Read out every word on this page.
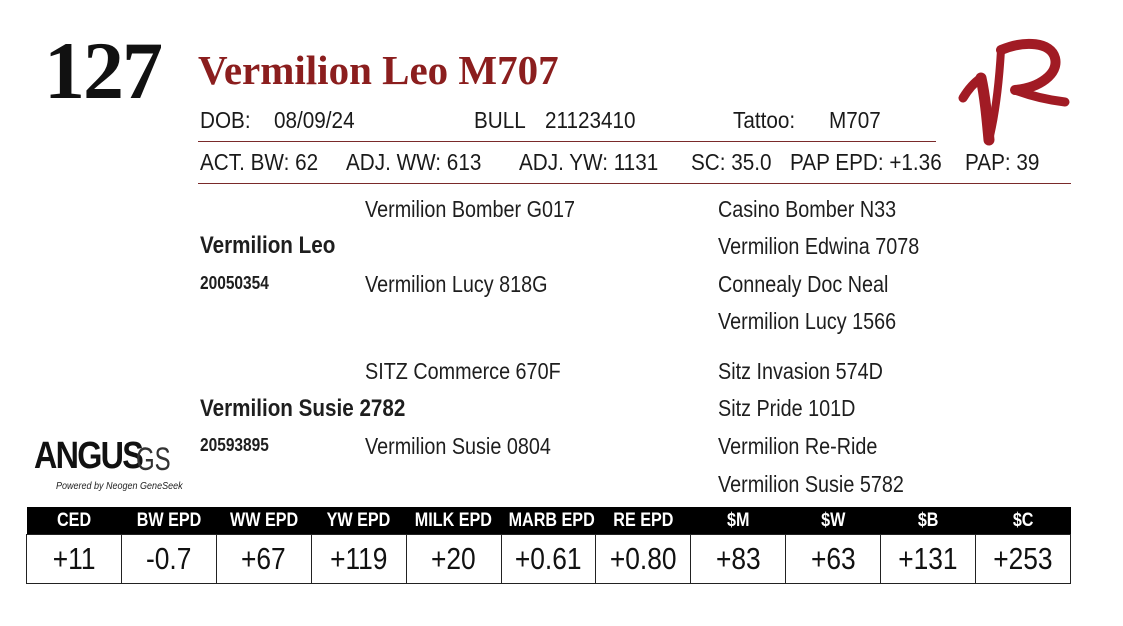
127 Vermilion Leo M707
DOB: 08/09/24	BULL 21123410	Tattoo: M707
ACT. BW: 62 ADJ. WW: 613 ADJ. YW: 1131 SC: 35.0 PAP EPD: +1.36 PAP: 39
Vermilion Bomber G017
Vermilion Leo
20050354	Vermilion Lucy 818G
Casino Bomber N33
Vermilion Edwina 7078
Connealy Doc Neal
Vermilion Lucy 1566
SITZ Commerce 670F
Vermilion Susie 2782
20593895	Vermilion Susie 0804
Sitz Invasion 574D
Sitz Pride 101D
Vermilion Re-Ride
Vermilion Susie 5782
ANGUS
GS
Powered by Neogen GeneSeek
CED	BW EPD	WW EPD	YW EPD	MILK EPD	MARB EPD	RE EPD	$M	$W	$B	$C
+11	-0.7	+67	+119	+20	+0.61	+0.80	+83	+63	+131	+253
